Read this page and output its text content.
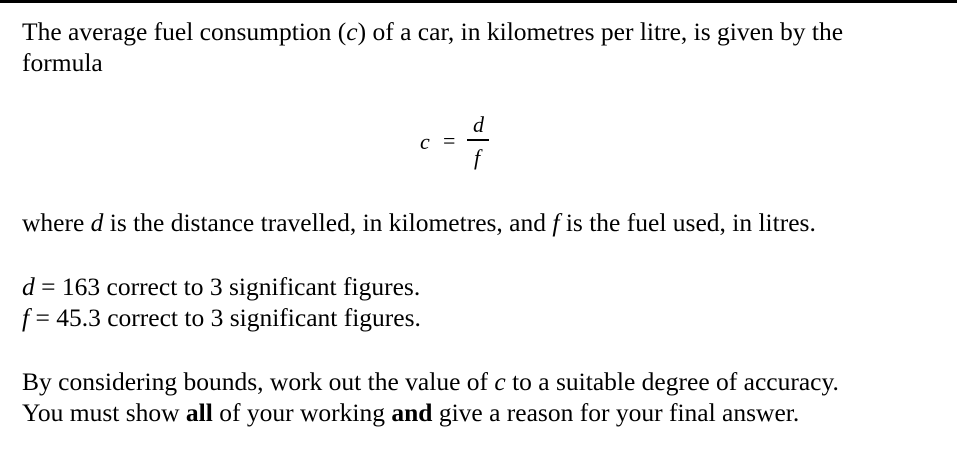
The average fuel consumption (c) of a car, in kilometres per litre, is given by the
formula
c =
d
f
where d is the distance travelled, in kilometres, and f is the fuel used, in litres.
d = 163 correct to 3 significant figures.
f = 45.3 correct to 3 significant figures.
By considering bounds, work out the value of c to a suitable degree of accuracy.
You must show all of your working and give a reason for your final answer.
